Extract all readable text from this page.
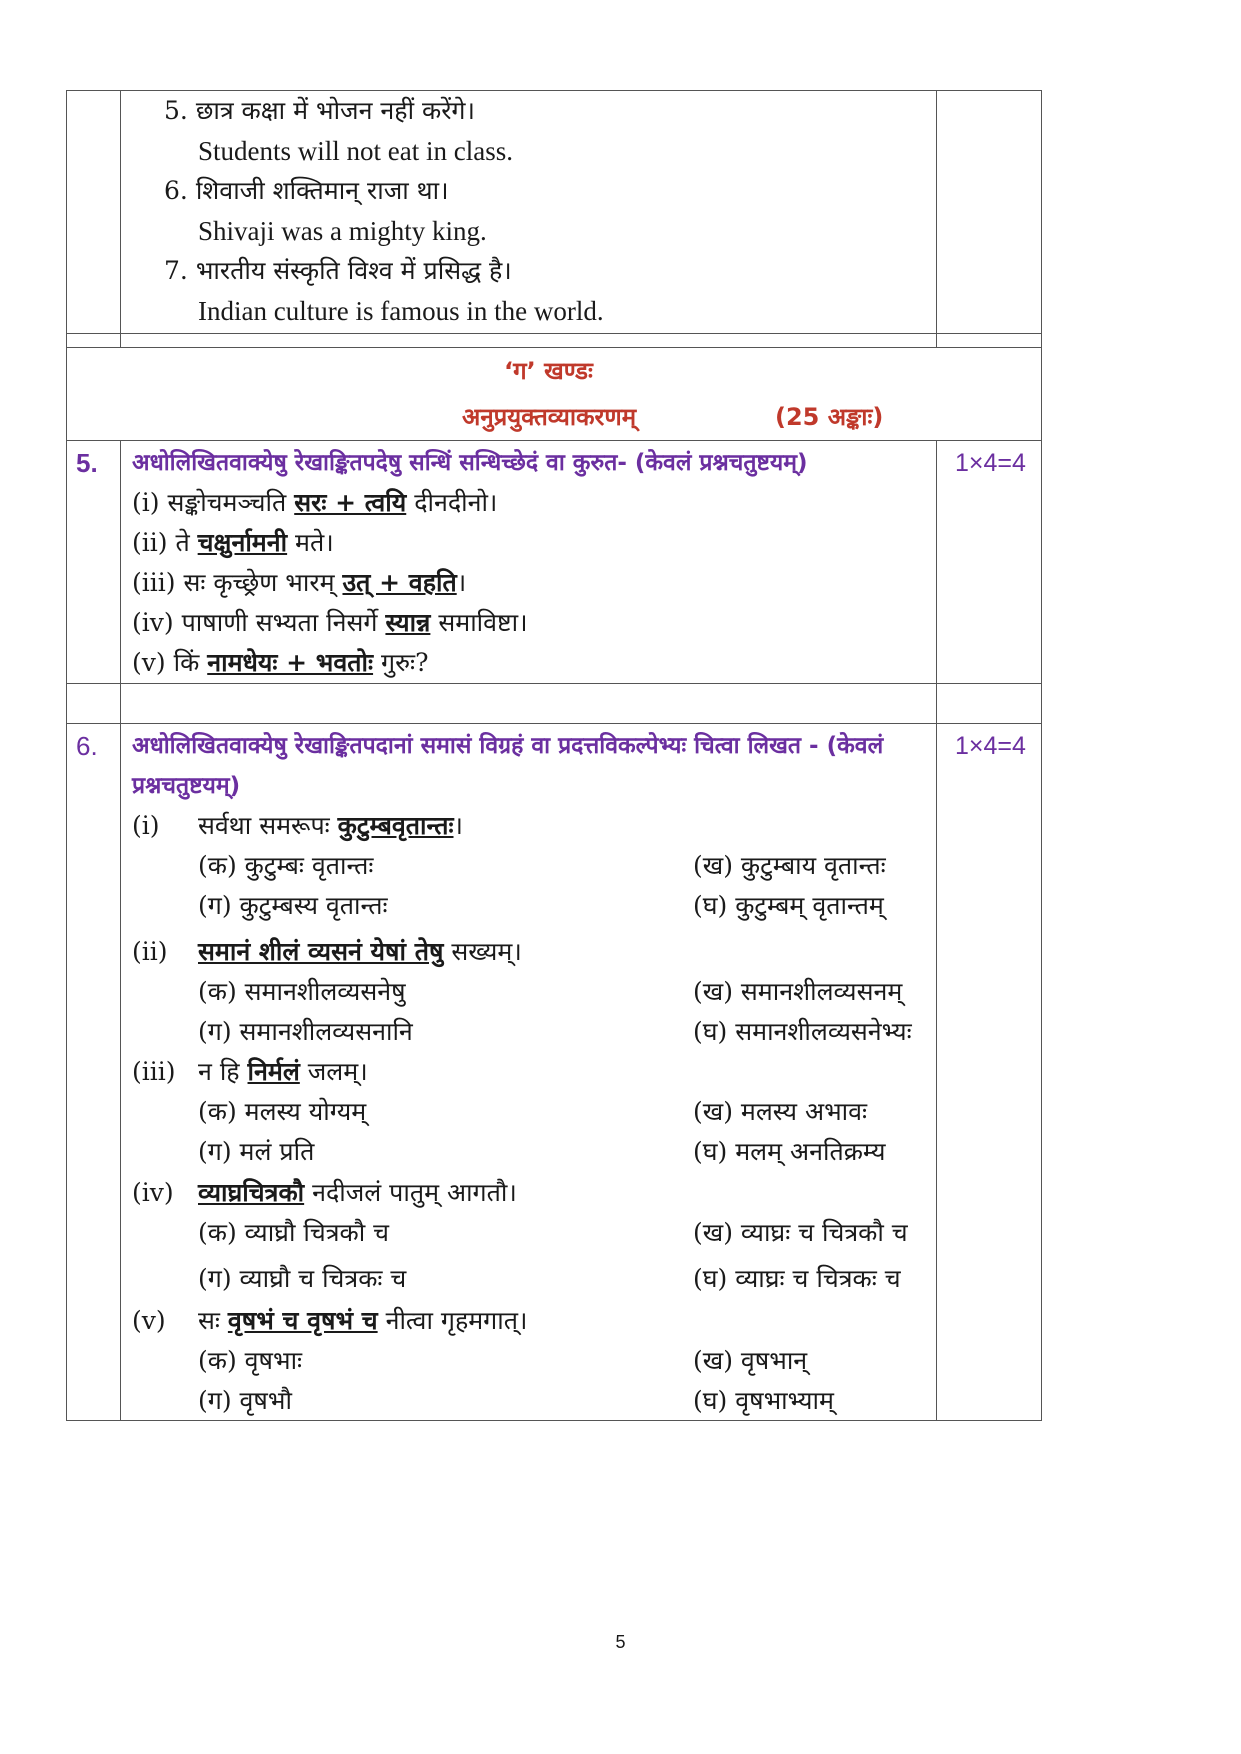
5. छात्र कक्षा में भोजन नहीं करेंगे।
Students will not eat in class.
6. शिवाजी शक्तिमान् राजा था।
Shivaji was a mighty king.
7. भारतीय संस्कृति विश्व में प्रसिद्ध है।
Indian culture is famous in the world.
‘ग’ खण्डः
अनुप्रयुक्तव्याकरणम्	(25 अङ्काः)
5. अधोलिखितवाक्येषु रेखाङ्कितपदेषु सन्धिं सन्धिच्छेदं वा कुरुत- (केवलं प्रश्नचतुष्टयम्)	1×4=4
(i) सङ्कोचमञ्चति सरः + त्वयि दीनदीनो।
(ii) ते चक्षुर्नामनी मते।
(iii) सः कृच्छ्रेण भारम् उत् + वहति।
(iv) पाषाणी सभ्यता निसर्गे स्यान्न समाविष्टा।
(v) किं नामधेयः + भवतोः गुरुः?
6. अधोलिखितवाक्येषु रेखाङ्कितपदानां समासं विग्रहं वा प्रदत्तविकल्पेभ्यः चित्वा लिखत - (केवलं
प्रश्नचतुष्टयम्)
1×4=4
(i) सर्वथा समरूपः कुटुम्बवृतान्तः।
(क) कुटुम्बः वृतान्तः	(ख) कुटुम्बाय वृतान्तः
(ग) कुटुम्बस्य वृतान्तः	(घ) कुटुम्बम् वृतान्तम्
(ii) समानं शीलं व्यसनं येषां तेषु सख्यम्।
(क) समानशीलव्यसनेषु	(ख) समानशीलव्यसनम्
(ग) समानशीलव्यसनानि	(घ) समानशीलव्यसनेभ्यः
(iii) न हि निर्मलं जलम्।
(क) मलस्य योग्यम्	(ख) मलस्य अभावः
(ग) मलं प्रति	(घ) मलम् अनतिक्रम्य
(iv) व्याघ्रचित्रकौ नदीजलं पातुम् आगतौ।
(क) व्याघ्रौ चित्रकौ च	(ख) व्याघ्रः च चित्रकौ च
(ग) व्याघ्रौ च चित्रकः च	(घ) व्याघ्रः च चित्रकः च
(v) सः वृषभं च वृषभं च नीत्वा गृहमगात्।
(क) वृषभाः	(ख) वृषभान्
(ग) वृषभौ	(घ) वृषभाभ्याम्
5
